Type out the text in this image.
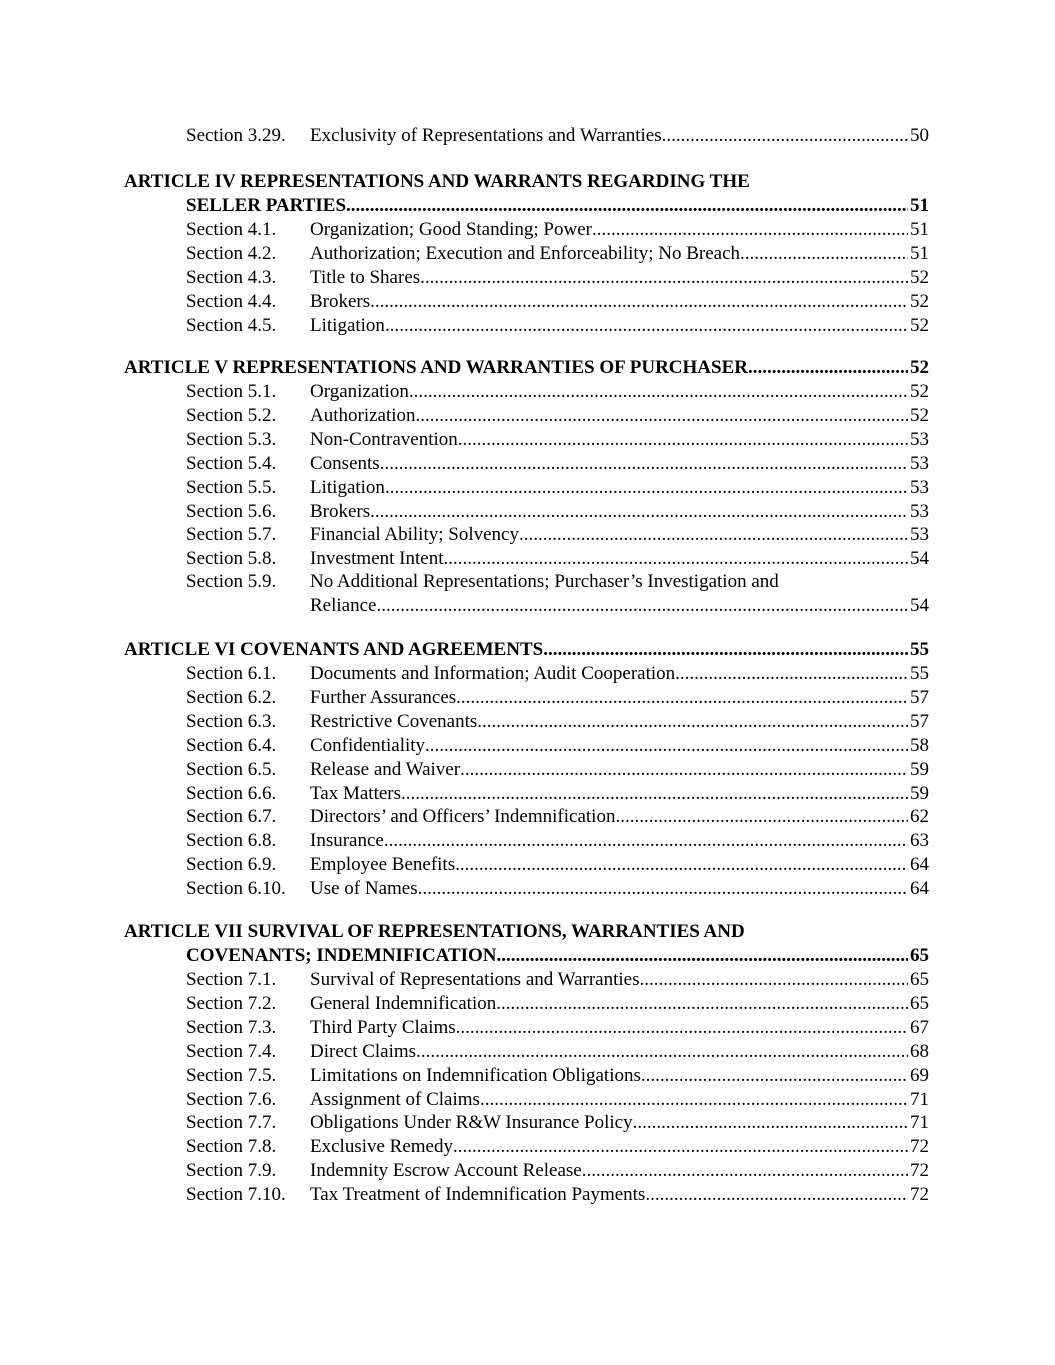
Section 3.29. Exclusivity of Representations and Warranties .....	50
ARTICLE IV REPRESENTATIONS AND WARRANTS REGARDING THE
SELLER PARTIES .....	51
Section 4.1. Organization; Good Standing; Power .....	51
Section 4.2. Authorization; Execution and Enforceability; No Breach .....	51
Section 4.3. Title to Shares .....	52
Section 4.4. Brokers .....	52
Section 4.5. Litigation .....	52
ARTICLE V REPRESENTATIONS AND WARRANTIES OF PURCHASER .....	52
Section 5.1. Organization .....	52
Section 5.2. Authorization .....	52
Section 5.3. Non-Contravention .....	53
Section 5.4. Consents .....	53
Section 5.5. Litigation .....	53
Section 5.6. Brokers .....	53
Section 5.7. Financial Ability; Solvency .....	53
Section 5.8. Investment Intent .....	54
Section 5.9. No Additional Representations; Purchaser’s Investigation and
Reliance .....	54
ARTICLE VI COVENANTS AND AGREEMENTS .....	55
Section 6.1. Documents and Information; Audit Cooperation .....	55
Section 6.2. Further Assurances .....	57
Section 6.3. Restrictive Covenants .....	57
Section 6.4. Confidentiality .....	58
Section 6.5. Release and Waiver .....	59
Section 6.6. Tax Matters .....	59
Section 6.7. Directors’ and Officers’ Indemnification .....	62
Section 6.8. Insurance .....	63
Section 6.9. Employee Benefits. .....	64
Section 6.10. Use of Names .....	64
ARTICLE VII SURVIVAL OF REPRESENTATIONS, WARRANTIES AND
COVENANTS; INDEMNIFICATION .....	65
Section 7.1. Survival of Representations and Warranties .....	65
Section 7.2. General Indemnification .....	65
Section 7.3. Third Party Claims .....	67
Section 7.4. Direct Claims .....	68
Section 7.5. Limitations on Indemnification Obligations .....	69
Section 7.6. Assignment of Claims .....	71
Section 7.7. Obligations Under R&W Insurance Policy .....	71
Section 7.8. Exclusive Remedy .....	72
Section 7.9. Indemnity Escrow Account Release .....	72
Section 7.10. Tax Treatment of Indemnification Payments .....	72
